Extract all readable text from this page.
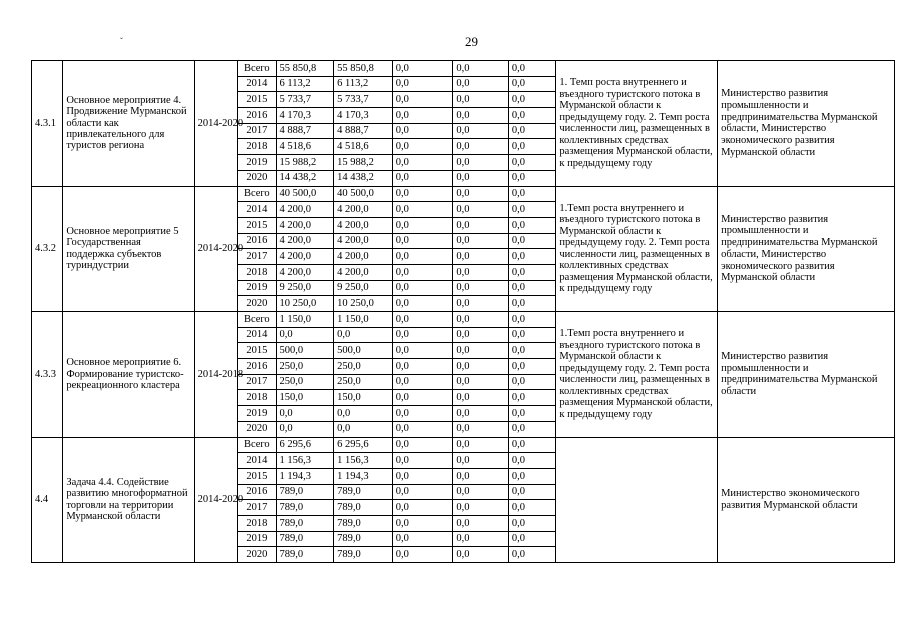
29
ˇ
4.3.1	Основное мероприятие 4. Продвижение Мурманской области как привлекательного для туристов региона	2014-2020	Всего	55 850,8	55 850,8	0,0	0,0	0,0	1. Темп роста внутреннего и въездного туристского потока в Мурманской области к предыдущему году. 2. Темп роста численности лиц, размещенных в коллективных средствах размещения Мурманской области, к предыдущему году	Министерство развития промышленности и предпринимательства Мурманской области, Министерство экономического развития Мурманской области
			2014	6 113,2	6 113,2	0,0	0,0	0,0		
			2015	5 733,7	5 733,7	0,0	0,0	0,0		
			2016	4 170,3	4 170,3	0,0	0,0	0,0		
			2017	4 888,7	4 888,7	0,0	0,0	0,0		
			2018	4 518,6	4 518,6	0,0	0,0	0,0		
			2019	15 988,2	15 988,2	0,0	0,0	0,0		
			2020	14 438,2	14 438,2	0,0	0,0	0,0		
4.3.2	Основное мероприятие 5 Государственная поддержка субъектов туриндустрии	2014-2020	Всего	40 500,0	40 500,0	0,0	0,0	0,0	1.Темп роста внутреннего и въездного туристского потока в Мурманской области к предыдущему году. 2. Темп роста численности лиц, размещенных в коллективных средствах размещения Мурманской области, к предыдущему году	Министерство развития промышленности и предпринимательства Мурманской области, Министерство экономического развития Мурманской области
			2014	4 200,0	4 200,0	0,0	0,0	0,0		
			2015	4 200,0	4 200,0	0,0	0,0	0,0		
			2016	4 200,0	4 200,0	0,0	0,0	0,0		
			2017	4 200,0	4 200,0	0,0	0,0	0,0		
			2018	4 200,0	4 200,0	0,0	0,0	0,0		
			2019	9 250,0	9 250,0	0,0	0,0	0,0		
			2020	10 250,0	10 250,0	0,0	0,0	0,0		
4.3.3	Основное мероприятие 6. Формирование туристско-рекреационного кластера	2014-2018	Всего	1 150,0	1 150,0	0,0	0,0	0,0	1.Темп роста внутреннего и въездного туристского потока в Мурманской области к предыдущему году. 2. Темп роста численности лиц, размещенных в коллективных средствах размещения Мурманской области, к предыдущему году	Министерство развития промышленности и предпринимательства Мурманской области
			2014	0,0	0,0	0,0	0,0	0,0		
			2015	500,0	500,0	0,0	0,0	0,0		
			2016	250,0	250,0	0,0	0,0	0,0		
			2017	250,0	250,0	0,0	0,0	0,0		
			2018	150,0	150,0	0,0	0,0	0,0		
			2019	0,0	0,0	0,0	0,0	0,0		
			2020	0,0	0,0	0,0	0,0	0,0		
4.4	Задача 4.4. Содействие развитию многоформатной торговли на территории Мурманской области	2014-2020	Всего	6 295,6	6 295,6	0,0	0,0	0,0		Министерство экономического развития Мурманской области
			2014	1 156,3	1 156,3	0,0	0,0	0,0		
			2015	1 194,3	1 194,3	0,0	0,0	0,0		
			2016	789,0	789,0	0,0	0,0	0,0		
			2017	789,0	789,0	0,0	0,0	0,0		
			2018	789,0	789,0	0,0	0,0	0,0		
			2019	789,0	789,0	0,0	0,0	0,0		
			2020	789,0	789,0	0,0	0,0	0,0		
